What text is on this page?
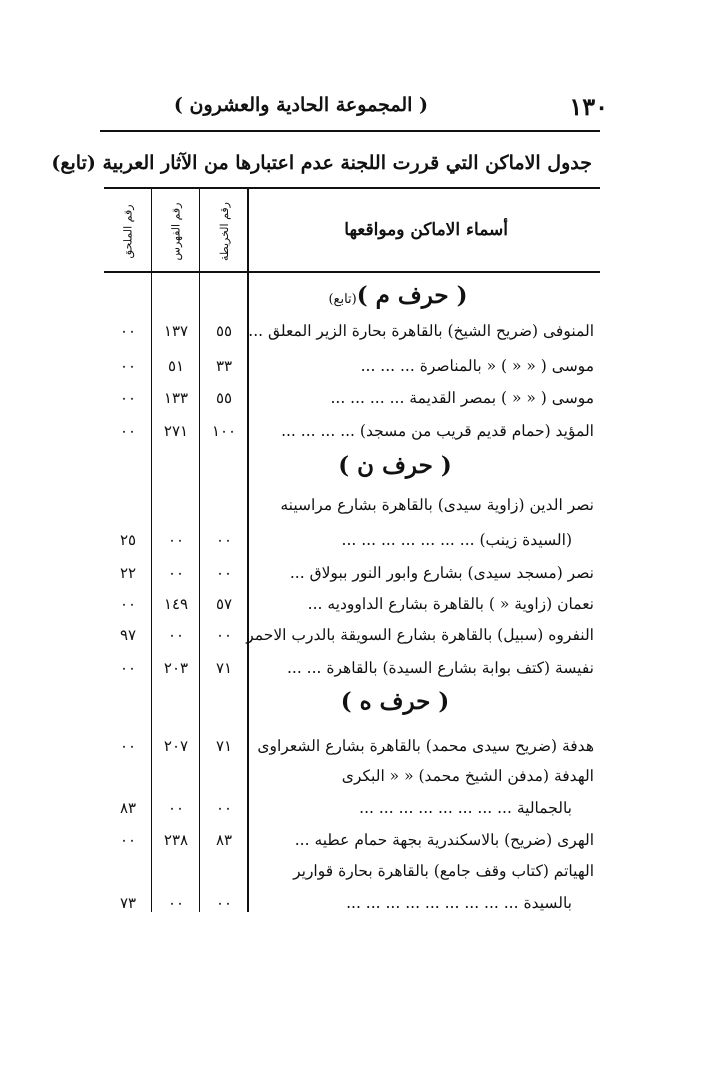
١٣٠
( المجموعة الحادية والعشرون )
(تابع) جدول الاماكن التي قررت اللجنة عدم اعتبارها من الآثار العربية
رقم الخريطة
رقم الفهرس
رقم الملحق	أسماء الاماكن ومواقعها
( حرف م )(تابع)
المنوفى (ضريح الشيخ) بالقاهرة بحارة الزير المعلق ...
٥٥
١٣٧
٠٠
موسى ( « « ) « بالمناصرة ... ... ...
٣٣
٥١
٠٠
موسى ( « « ) بمصر القديمة ... ... ... ...
٥٥
١٣٣
٠٠
المؤيد (حمام قديم قريب من مسجد) ... ... ... ...
١٠٠
٢٧١
٠٠
( حرف ن )
نصر الدين (زاوية سيدى) بالقاهرة بشارع مراسينه
(السيدة زينب) ... ... ... ... ... ... ...
٠٠
٠٠
٢٥
نصر (مسجد سيدى) بشارع وابور النور ببولاق ...
٠٠
٠٠
٢٢
نعمان (زاوية « ) بالقاهرة بشارع الداووديه ...
٥٧
١٤٩
٠٠
النفروه (سبيل) بالقاهرة بشارع السويقة بالدرب الاحمر
٠٠
٠٠
٩٧
نفيسة (كتف بوابة بشارع السيدة) بالقاهرة ... ...
٧١
٢٠٣
٠٠
( حرف ه )
هدفة (ضريح سيدى محمد) بالقاهرة بشارع الشعراوى
٧١
٢٠٧
٠٠
الهدفة (مدفن الشيخ محمد) « « البكرى
بالجمالية ... ... ... ... ... ... ... ...
٠٠
٠٠
٨٣
الهرى (ضريح) بالاسكندرية بجهة حمام عطيه ...
٨٣
٢٣٨
٠٠
الهياتم (كتاب وقف جامع) بالقاهرة بحارة قوارير
بالسيدة ... ... ... ... ... ... ... ... ...
٠٠
٠٠
٧٣
